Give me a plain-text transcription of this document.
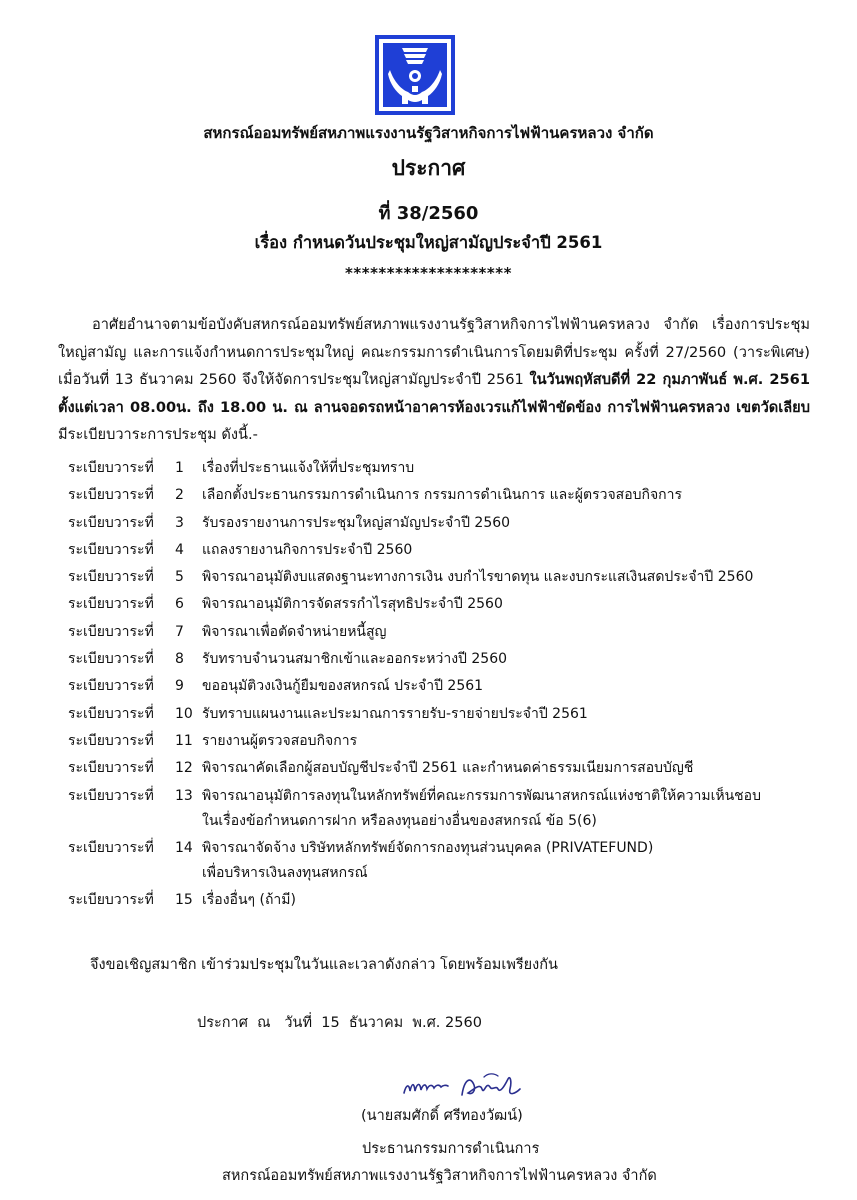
สหกรณ์ออมทรัพย์สหภาพแรงงานรัฐวิสาหกิจการไฟฟ้านครหลวง จำกัด
ประกาศ
ที่ 38/2560
เรื่อง กำหนดวันประชุมใหญ่สามัญประจำปี 2561
********************
อาศัยอำนาจตามข้อบังคับสหกรณ์ออมทรัพย์สหภาพแรงงานรัฐวิสาหกิจการไฟฟ้านครหลวง จำกัด เรื่องการประชุมใหญ่สามัญ และการแจ้งกำหนดการประชุมใหญ่ คณะกรรมการดำเนินการโดยมติที่ประชุม ครั้งที่ 27/2560 (วาระพิเศษ) เมื่อวันที่ 13 ธันวาคม 2560 จึงให้จัดการประชุมใหญ่สามัญประจำปี 2561 ในวันพฤหัสบดีที่ 22 กุมภาพันธ์ พ.ศ. 2561 ตั้งแต่เวลา 08.00น. ถึง 18.00 น. ณ ลานจอดรถหน้าอาคารห้องเวรแก้ไฟฟ้าขัดข้อง การไฟฟ้านครหลวง เขตวัดเลียบ มีระเบียบวาระการประชุม ดังนี้.-
ระเบียบวาระที่	1	เรื่องที่ประธานแจ้งให้ที่ประชุมทราบ
ระเบียบวาระที่	2	เลือกตั้งประธานกรรมการดำเนินการ กรรมการดำเนินการ และผู้ตรวจสอบกิจการ
ระเบียบวาระที่	3	รับรองรายงานการประชุมใหญ่สามัญประจำปี 2560
ระเบียบวาระที่	4	แถลงรายงานกิจการประจำปี 2560
ระเบียบวาระที่	5	พิจารณาอนุมัติงบแสดงฐานะทางการเงิน งบกำไรขาดทุน และงบกระแสเงินสดประจำปี 2560
ระเบียบวาระที่	6	พิจารณาอนุมัติการจัดสรรกำไรสุทธิประจำปี 2560
ระเบียบวาระที่	7	พิจารณาเพื่อตัดจำหน่ายหนี้สูญ
ระเบียบวาระที่	8	รับทราบจำนวนสมาชิกเข้าและออกระหว่างปี 2560
ระเบียบวาระที่	9	ขออนุมัติวงเงินกู้ยืมของสหกรณ์ ประจำปี 2561
ระเบียบวาระที่	10 รับทราบแผนงานและประมาณการรายรับ-รายจ่ายประจำปี 2561
ระเบียบวาระที่	11 รายงานผู้ตรวจสอบกิจการ
ระเบียบวาระที่	12 พิจารณาคัดเลือกผู้สอบบัญชีประจำปี 2561 และกำหนดค่าธรรมเนียมการสอบบัญชี
ระเบียบวาระที่	13 พิจารณาอนุมัติการลงทุนในหลักทรัพย์ที่คณะกรรมการพัฒนาสหกรณ์แห่งชาติให้ความเห็นชอบ
ในเรื่องข้อกำหนดการฝาก หรือลงทุนอย่างอื่นของสหกรณ์ ข้อ 5(6)
ระเบียบวาระที่	14 พิจารณาจัดจ้าง บริษัทหลักทรัพย์จัดการกองทุนส่วนบุคคล (PRIVATEFUND)
เพื่อบริหารเงินลงทุนสหกรณ์
ระเบียบวาระที่	15 เรื่องอื่นๆ (ถ้ามี)
จึงขอเชิญสมาชิก เข้าร่วมประชุมในวันและเวลาดังกล่าว โดยพร้อมเพรียงกัน
ประกาศ  ณ   วันที่  15  ธันวาคม  พ.ศ. 2560
(นายสมศักดิ์ ศรีทองวัฒน์)
ประธานกรรมการดำเนินการ
สหกรณ์ออมทรัพย์สหภาพแรงงานรัฐวิสาหกิจการไฟฟ้านครหลวง จำกัด
